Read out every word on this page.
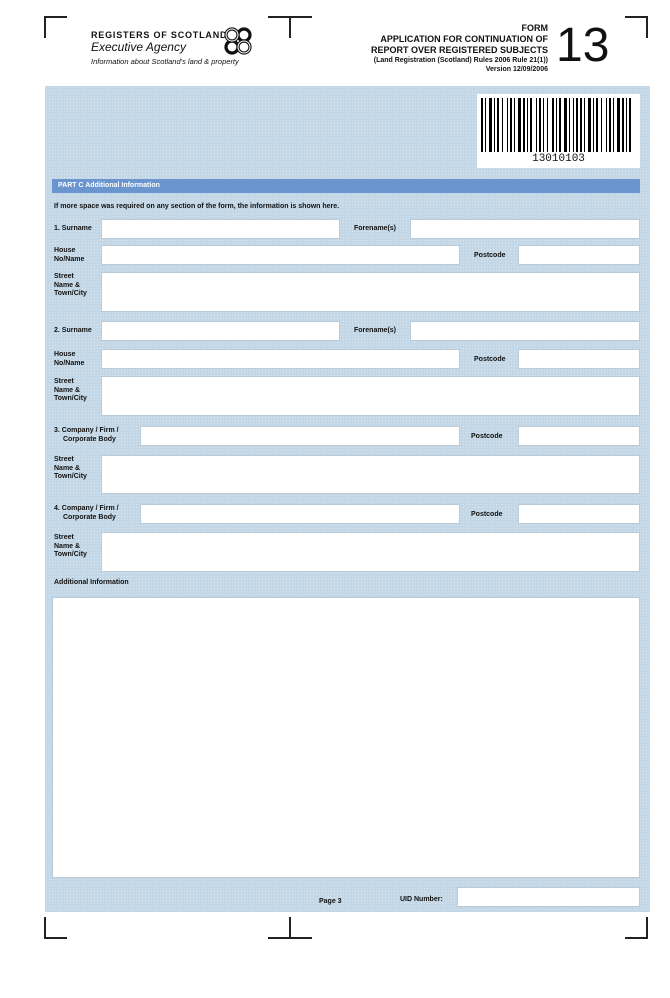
REGISTERS OF SCOTLAND
Executive Agency
Information about Scotland's land & property
FORM
APPLICATION FOR CONTINUATION OF
REPORT OVER REGISTERED SUBJECTS
(Land Registration (Scotland) Rules 2006 Rule 21(1))
Version 12/09/2006 13
13010103
PART C Additional Information
If more space was required on any section of the form, the information is shown here.
1. Surname	Forename(s)
House
No/Name	Postcode
Street
Name &
Town/City
2. Surname	Forename(s)
House
No/Name	Postcode
Street
Name &
Town/City
3. Company / Firm /
Corporate Body	Postcode
Street
Name &
Town/City
4. Company / Firm /
Corporate Body	Postcode
Street
Name &
Town/City
Additional Information
Page 3	UID Number:
